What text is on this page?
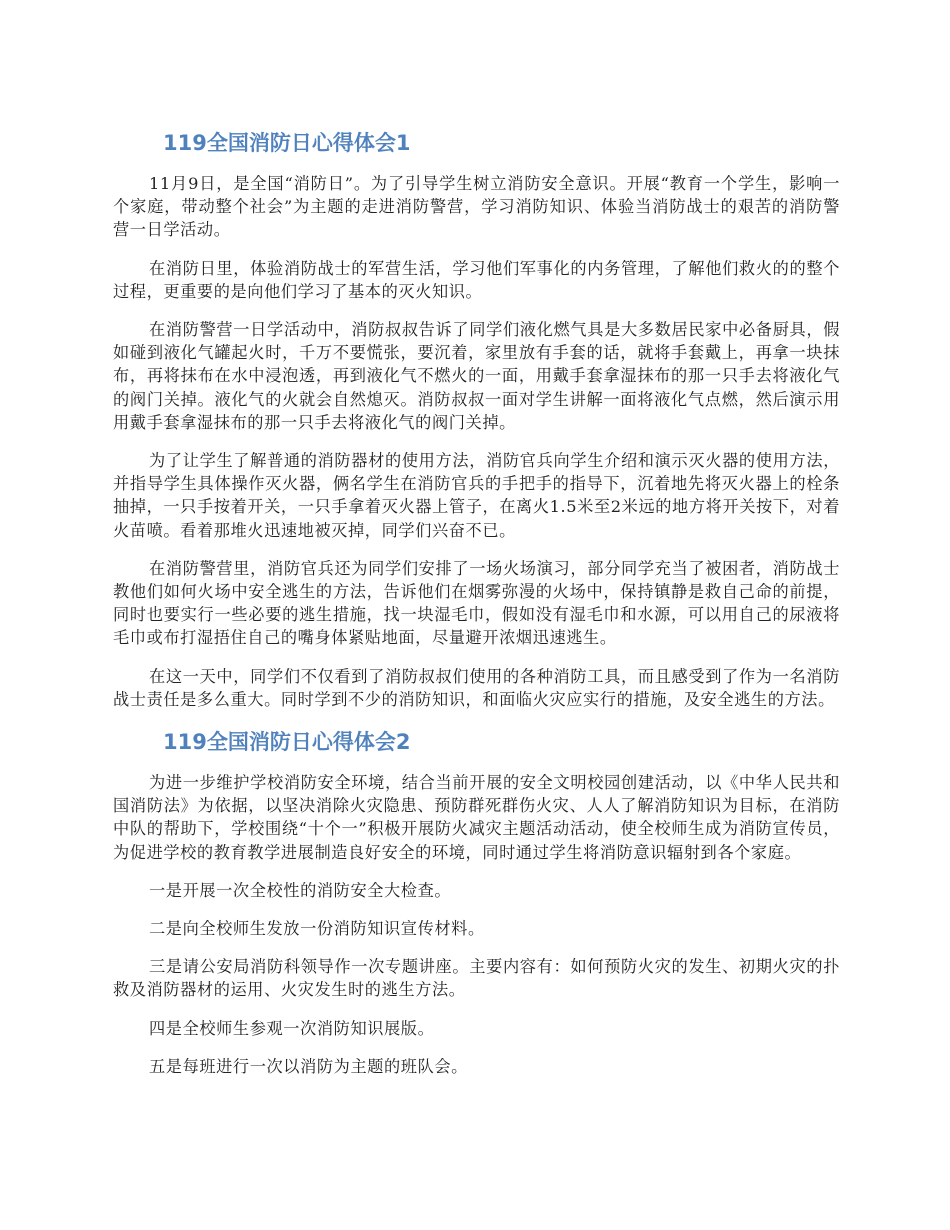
119全国消防日心得体会1

11月9日，是全国“消防日”。为了引导学生树立消防安全意识。开展“教育一个学生，影响一个家庭，带动整个社会”为主题的走进消防警营，学习消防知识、体验当消防战士的艰苦的消防警营一日学活动。

在消防日里，体验消防战士的军营生活，学习他们军事化的内务管理，了解他们救火的的整个过程，更重要的是向他们学习了基本的灭火知识。

在消防警营一日学活动中，消防叔叔告诉了同学们液化燃气具是大多数居民家中必备厨具，假如碰到液化气罐起火时，千万不要慌张，要沉着，家里放有手套的话，就将手套戴上，再拿一块抹布，再将抹布在水中浸泡透，再到液化气不燃火的一面，用戴手套拿湿抹布的那一只手去将液化气的阀门关掉。液化气的火就会自然熄灭。消防叔叔一面对学生讲解一面将液化气点燃，然后演示用用戴手套拿湿抹布的那一只手去将液化气的阀门关掉。

为了让学生了解普通的消防器材的使用方法，消防官兵向学生介绍和演示灭火器的使用方法，并指导学生具体操作灭火器，俩名学生在消防官兵的手把手的指导下，沉着地先将灭火器上的栓条抽掉，一只手按着开关，一只手拿着灭火器上管子，在离火1.5米至2米远的地方将开关按下，对着火苗喷。看着那堆火迅速地被灭掉，同学们兴奋不已。

在消防警营里，消防官兵还为同学们安排了一场火场演习，部分同学充当了被困者，消防战士教他们如何火场中安全逃生的方法，告诉他们在烟雾弥漫的火场中，保持镇静是救自己命的前提，同时也要实行一些必要的逃生措施，找一块湿毛巾，假如没有湿毛巾和水源，可以用自己的尿液将毛巾或布打湿捂住自己的嘴身体紧贴地面，尽量避开浓烟迅速逃生。

在这一天中，同学们不仅看到了消防叔叔们使用的各种消防工具，而且感受到了作为一名消防战士责任是多么重大。同时学到不少的消防知识，和面临火灾应实行的措施，及安全逃生的方法。

119全国消防日心得体会2

为进一步维护学校消防安全环境，结合当前开展的安全文明校园创建活动，以《中华人民共和国消防法》为依据，以坚决消除火灾隐患、预防群死群伤火灾、人人了解消防知识为目标，在消防中队的帮助下，学校围绕“十个一”积极开展防火减灾主题活动活动，使全校师生成为消防宣传员，为促进学校的教育教学进展制造良好安全的环境，同时通过学生将消防意识辐射到各个家庭。

一是开展一次全校性的消防安全大检查。

二是向全校师生发放一份消防知识宣传材料。

三是请公安局消防科领导作一次专题讲座。主要内容有：如何预防火灾的发生、初期火灾的扑救及消防器材的运用、火灾发生时的逃生方法。

四是全校师生参观一次消防知识展版。

五是每班进行一次以消防为主题的班队会。
